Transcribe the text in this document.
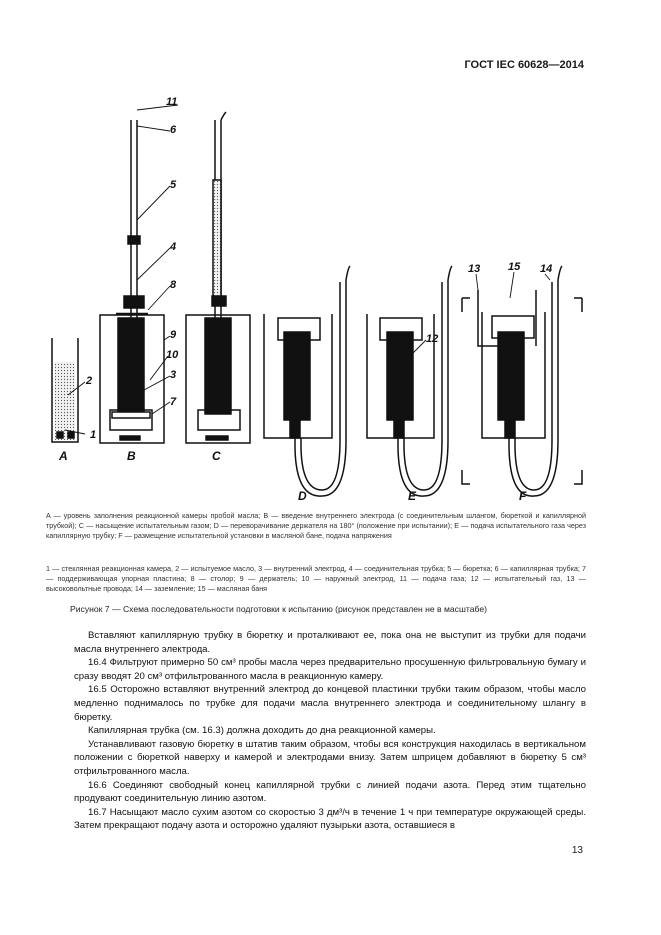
ГОСТ IEC 60628—2014
1
2	3
4
5
6
7
8
9
10
11
12
13	14
15
A	B	C
D	E	F
A — уровень заполнения реакционной камеры пробой масла; B — введение внутреннего электрода (с соединительным шлангом, бюреткой и капиллярной трубкой); C — насыщение испытательным газом; D — переворачивание держателя на 180° (положение при испытании); E — подача испытательного газа через капиллярную трубку; F — размещение испытательной установки в масляной бане, подача напряжения
1 — стеклянная реакционная камера, 2 — испытуемое масло, 3 — внутренний электрод, 4 — соединительная трубка; 5 — бюретка; 6 — капиллярная трубка; 7 — поддерживающая упорная пластина; 8 — столор; 9 — держатель; 10 — наружный электрод, 11 — подача газа; 12 — испытательный газ, 13 — высоковольтные провода; 14 — заземление; 15 — масляная баня
Рисунок 7 — Схема последовательности подготовки к испытанию (рисунок представлен не в масштабе)

Вставляют капиллярную трубку в бюретку и проталкивают ее, пока она не выступит из трубки для подачи масла внутреннего электрода.

16.4 Фильтруют примерно 50 см³ пробы масла через предварительно просушенную фильтровальную бумагу и сразу вводят 20 см³ отфильтрованного масла в реакционную камеру.

16.5 Осторожно вставляют внутренний электрод до концевой пластинки трубки таким образом, чтобы масло медленно поднималось по трубке для подачи масла внутреннего электрода и соединительному шлангу в бюретку.

Капиллярная трубка (см. 16.3) должна доходить до дна реакционной камеры.

Устанавливают газовую бюретку в штатив таким образом, чтобы вся конструкция находилась в вертикальном положении с бюреткой наверху и камерой и электродами внизу. Затем шприцем добавляют в бюретку 5 см³ отфильтрованного масла.

16.6 Соединяют свободный конец капиллярной трубки с линией подачи азота. Перед этим тщательно продувают соединительную линию азотом.

16.7 Насыщают масло сухим азотом со скоростью 3 дм³/ч в течение 1 ч при температуре окружающей среды. Затем прекращают подачу азота и осторожно удаляют пузырьки азота, оставшиеся в

13
